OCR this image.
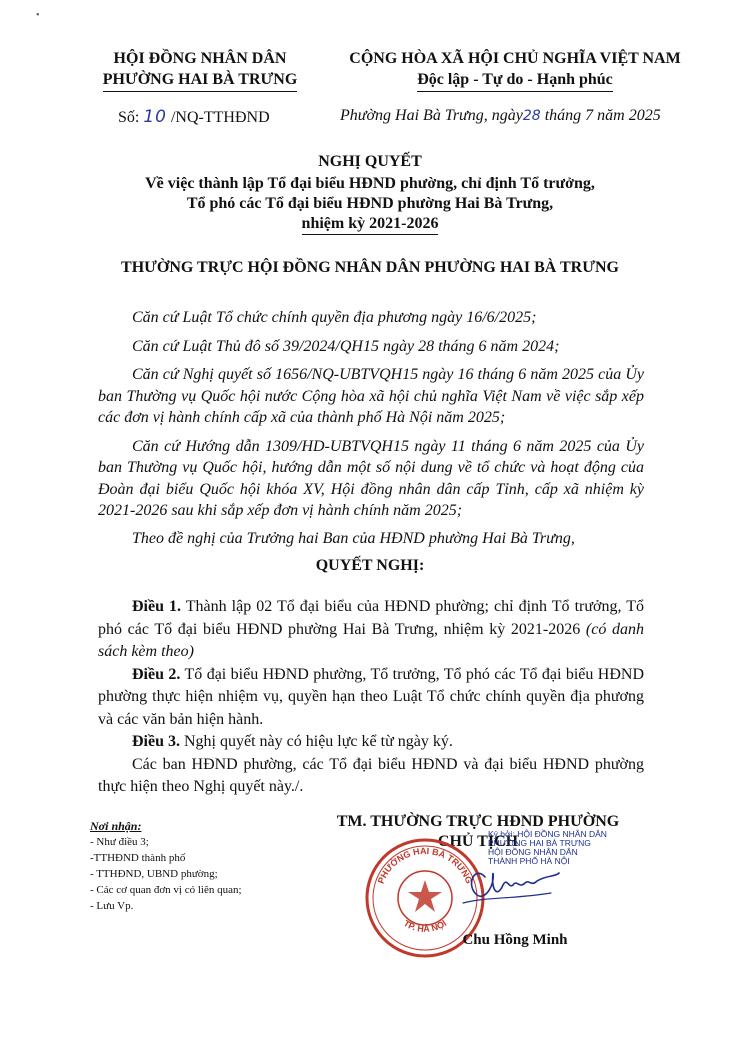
•
HỘI ĐỒNG NHÂN DÂN
PHƯỜNG HAI BÀ TRƯNG
CỘNG HÒA XÃ HỘI CHỦ NGHĨA VIỆT NAM
Độc lập - Tự do - Hạnh phúc
Số: 10 /NQ-TTHĐND	Phường Hai Bà Trưng, ngày28 tháng 7 năm 2025
NGHỊ QUYẾT
Về việc thành lập Tổ đại biểu HĐND phường, chỉ định Tổ trưởng,
Tổ phó các Tổ đại biểu HĐND phường Hai Bà Trưng,
nhiệm kỳ 2021-2026
THƯỜNG TRỰC HỘI ĐỒNG NHÂN DÂN PHƯỜNG HAI BÀ TRƯNG

Căn cứ Luật Tổ chức chính quyền địa phương ngày 16/6/2025;

Căn cứ Luật Thủ đô số 39/2024/QH15 ngày 28 tháng 6 năm 2024;

Căn cứ Nghị quyết số 1656/NQ-UBTVQH15 ngày 16 tháng 6 năm 2025 của Ủy ban Thường vụ Quốc hội nước Cộng hòa xã hội chủ nghĩa Việt Nam về việc sắp xếp các đơn vị hành chính cấp xã của thành phố Hà Nội năm 2025;

Căn cứ Hướng dẫn 1309/HD-UBTVQH15 ngày 11 tháng 6 năm 2025 của Ủy ban Thường vụ Quốc hội, hướng dẫn một số nội dung về tổ chức và hoạt động của Đoàn đại biểu Quốc hội khóa XV, Hội đồng nhân dân cấp Tỉnh, cấp xã nhiệm kỳ 2021-2026 sau khi sắp xếp đơn vị hành chính năm 2025;

Theo đề nghị của Trưởng hai Ban của HĐND phường Hai Bà Trưng,

QUYẾT NGHỊ:

Điều 1. Thành lập 02 Tổ đại biểu của HĐND phường; chỉ định Tổ trưởng, Tổ phó các Tổ đại biểu HĐND phường Hai Bà Trưng, nhiệm kỳ 2021-2026 (có danh sách kèm theo)

Điều 2. Tổ đại biểu HĐND phường, Tổ trưởng, Tổ phó các Tổ đại biểu HĐND phường thực hiện nhiệm vụ, quyền hạn theo Luật Tổ chức chính quyền địa phương và các văn bản hiện hành.

Điều 3. Nghị quyết này có hiệu lực kể từ ngày ký.

Các ban HĐND phường, các Tổ đại biểu HĐND và đại biểu HĐND phường thực hiện theo Nghị quyết này./.

Nơi nhận:
- Như điều 3;
-TTHĐND thành phố
- TTHĐND, UBND phường;
- Các cơ quan đơn vị có liên quan;
- Lưu Vp.
TM. THƯỜNG TRỰC HĐND PHƯỜNG
CHỦ TỊCH
Ký bởi: HỘI ĐỒNG NHÂN DÂN
PHƯỜNG HAI BÀ TRƯNG
HỘI ĐỒNG NHÂN DÂN
THÀNH PHỐ HÀ NỘI
PHƯỜNG HAI BÀ TRƯNG
TP. HÀ NỘI
Chu Hồng Minh
